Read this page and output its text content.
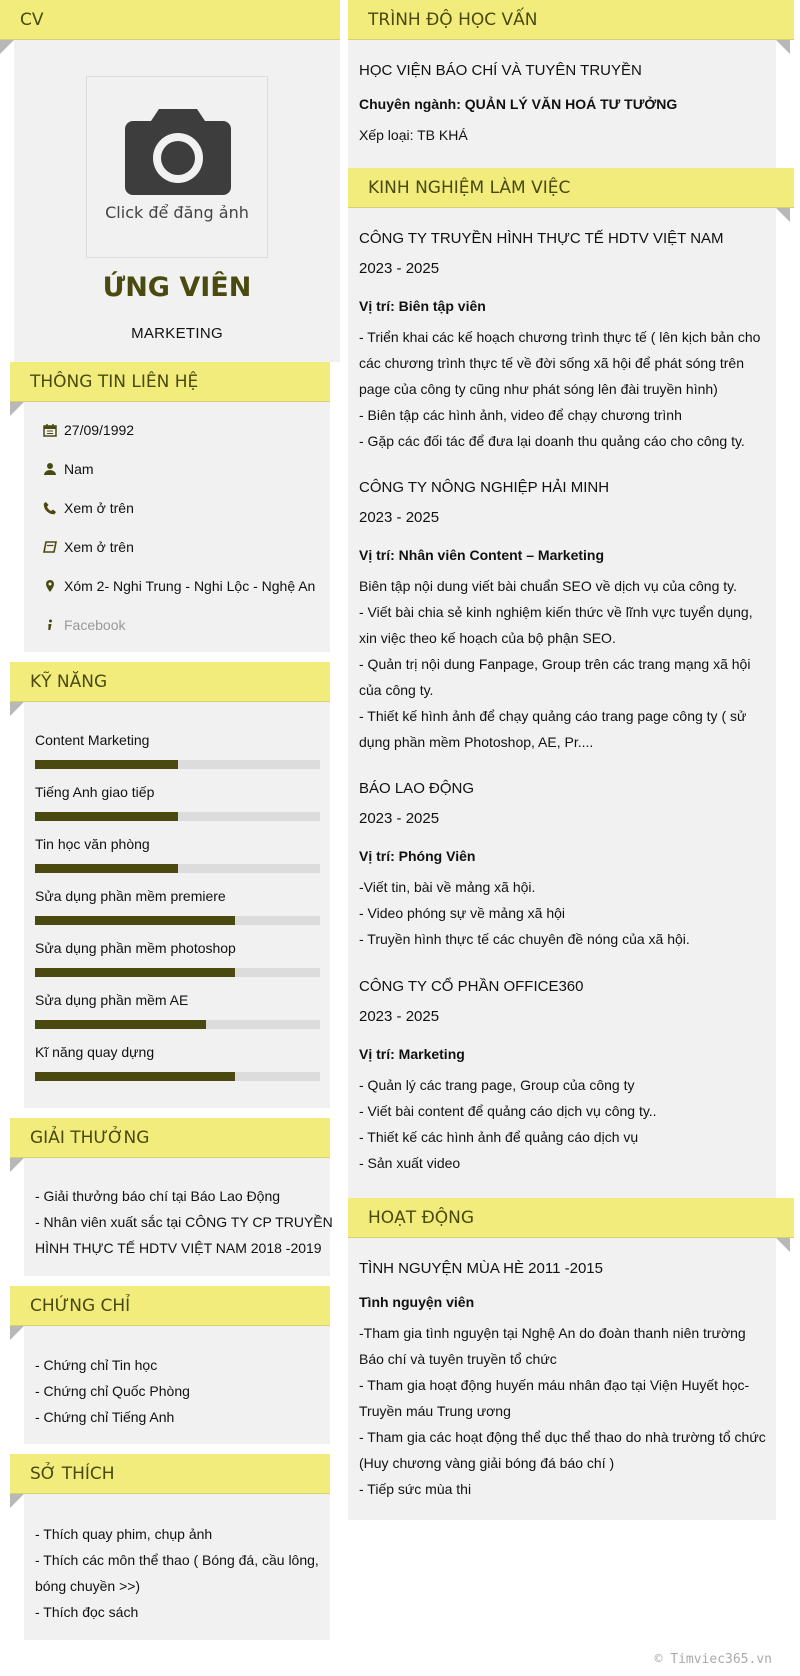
CV
Click để đăng ảnh
ỨNG VIÊN
MARKETING
THÔNG TIN LIÊN HỆ
27/09/1992
Nam
Xem ở trên
Xem ở trên
Xóm 2- Nghi Trung - Nghi Lộc - Nghệ An
Facebook
KỸ NĂNG
Content Marketing
Tiếng Anh giao tiếp
Tin học văn phòng
Sửa dụng phần mềm premiere
Sửa dụng phần mềm photoshop
Sửa dụng phần mềm AE
Kĩ năng quay dựng
GIẢI THƯỞNG
- Giải thưởng báo chí tại Báo Lao Động
- Nhân viên xuất sắc tại CÔNG TY CP TRUYỀN
HÌNH THỰC TẾ HDTV VIỆT NAM 2018 -2019
CHỨNG CHỈ
- Chứng chỉ Tin học
- Chứng chỉ Quốc Phòng
- Chứng chỉ Tiếng Anh
SỞ THÍCH
- Thích quay phim, chụp ảnh
- Thích các môn thể thao ( Bóng đá, cầu lông,
bóng chuyền >>)
- Thích đọc sách
TRÌNH ĐỘ HỌC VẤN
HỌC VIỆN BÁO CHÍ VÀ TUYÊN TRUYỀN
Chuyên ngành: QUẢN LÝ VĂN HOÁ TƯ TƯỞNG
Xếp loại: TB KHÁ
KINH NGHIỆM LÀM VIỆC
CÔNG TY TRUYỀN HÌNH THỰC TẾ HDTV VIỆT NAM
2023 - 2025
Vị trí: Biên tập viên
- Triển khai các kế hoạch chương trình thực tế ( lên kịch bản cho
các chương trình thực tế về đời sống xã hội để phát sóng trên
page của công ty cũng như phát sóng lên đài truyền hình)
- Biên tập các hình ảnh, video để chạy chương trình
- Gặp các đối tác để đưa lại doanh thu quảng cáo cho công ty.
CÔNG TY NÔNG NGHIỆP HẢI MINH
2023 - 2025
Vị trí: Nhân viên Content – Marketing
Biên tập nội dung viết bài chuẩn SEO về dịch vụ của công ty.
- Viết bài chia sẻ kinh nghiệm kiến thức về lĩnh vực tuyển dụng,
xin việc theo kế hoạch của bộ phận SEO.
- Quản trị nội dung Fanpage, Group trên các trang mạng xã hội
của công ty.
- Thiết kế hình ảnh để chạy quảng cáo trang page công ty ( sử
dụng phần mềm Photoshop, AE, Pr....
BÁO LAO ĐỘNG
2023 - 2025
Vị trí: Phóng Viên
-Viết tin, bài về mảng xã hội.
- Video phóng sự về mảng xã hội
- Truyền hình thực tế các chuyên đề nóng của xã hội.
CÔNG TY CỔ PHẦN OFFICE360
2023 - 2025
Vị trí: Marketing
- Quản lý các trang page, Group của công ty
- Viết bài content để quảng cáo dịch vụ công ty..
- Thiết kế các hình ảnh để quảng cáo dịch vụ
- Sản xuất video
HOẠT ĐỘNG
TÌNH NGUYỆN MÙA HÈ 2011 -2015
Tình nguyện viên
-Tham gia tình nguyện tại Nghệ An do đoàn thanh niên trường
Báo chí và tuyên truyền tổ chức
- Tham gia hoạt động huyến máu nhân đạo tại Viện Huyết học-
Truyền máu Trung ương
- Tham gia các hoạt động thể dục thể thao do nhà trường tổ chức
(Huy chương vàng giải bóng đá báo chí )
- Tiếp sức mùa thi
© Timviec365.vn
